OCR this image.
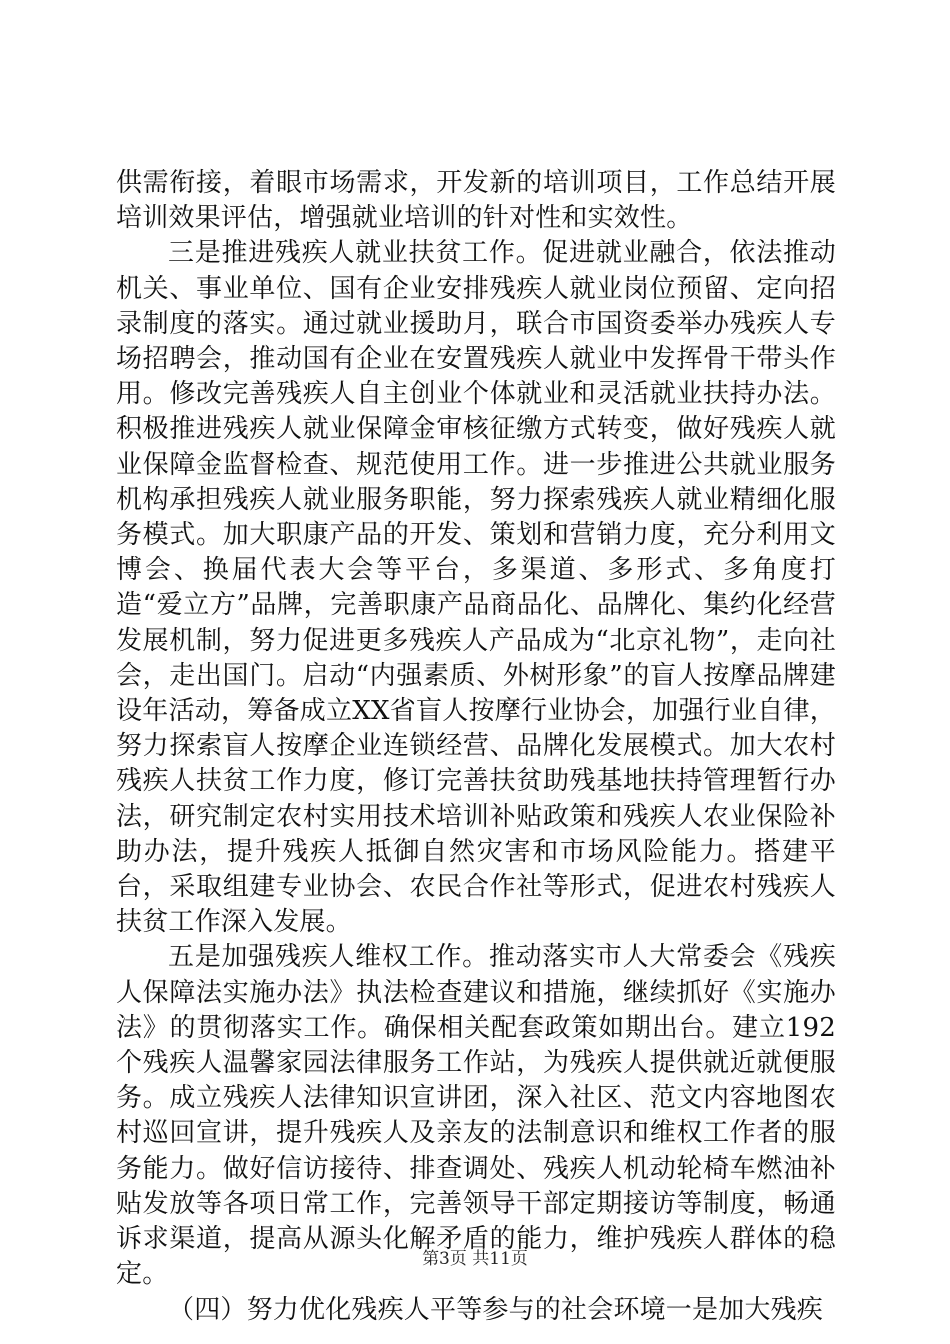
供需衔接，着眼市场需求，开发新的培训项目，工作总结开展培训效果评估，增强就业培训的针对性和实效性。

三是推进残疾人就业扶贫工作。促进就业融合，依法推动机关、事业单位、国有企业安排残疾人就业岗位预留、定向招录制度的落实。通过就业援助月，联合市国资委举办残疾人专场招聘会，推动国有企业在安置残疾人就业中发挥骨干带头作用。修改完善残疾人自主创业个体就业和灵活就业扶持办法。积极推进残疾人就业保障金审核征缴方式转变，做好残疾人就业保障金监督检查、规范使用工作。进一步推进公共就业服务机构承担残疾人就业服务职能，努力探索残疾人就业精细化服务模式。加大职康产品的开发、策划和营销力度，充分利用文博会、换届代表大会等平台，多渠道、多形式、多角度打造“爱立方”品牌，完善职康产品商品化、品牌化、集约化经营发展机制，努力促进更多残疾人产品成为“北京礼物”，走向社会，走出国门。启动“内强素质、外树形象”的盲人按摩品牌建设年活动，筹备成立XX省盲人按摩行业协会，加强行业自律，努力探索盲人按摩企业连锁经营、品牌化发展模式。加大农村残疾人扶贫工作力度，修订完善扶贫助残基地扶持管理暂行办法，研究制定农村实用技术培训补贴政策和残疾人农业保险补助办法，提升残疾人抵御自然灾害和市场风险能力。搭建平台，采取组建专业协会、农民合作社等形式，促进农村残疾人扶贫工作深入发展。

五是加强残疾人维权工作。推动落实市人大常委会《残疾人保障法实施办法》执法检查建议和措施，继续抓好《实施办法》的贯彻落实工作。确保相关配套政策如期出台。建立192个残疾人温馨家园法律服务工作站，为残疾人提供就近就便服务。成立残疾人法律知识宣讲团，深入社区、范文内容地图农村巡回宣讲，提升残疾人及亲友的法制意识和维权工作者的服务能力。做好信访接待、排查调处、残疾人机动轮椅车燃油补贴发放等各项日常工作，完善领导干部定期接访等制度，畅通诉求渠道，提高从源头化解矛盾的能力，维护残疾人群体的稳定。

（四）努力优化残疾人平等参与的社会环境一是加大残疾

第3页 共11页
